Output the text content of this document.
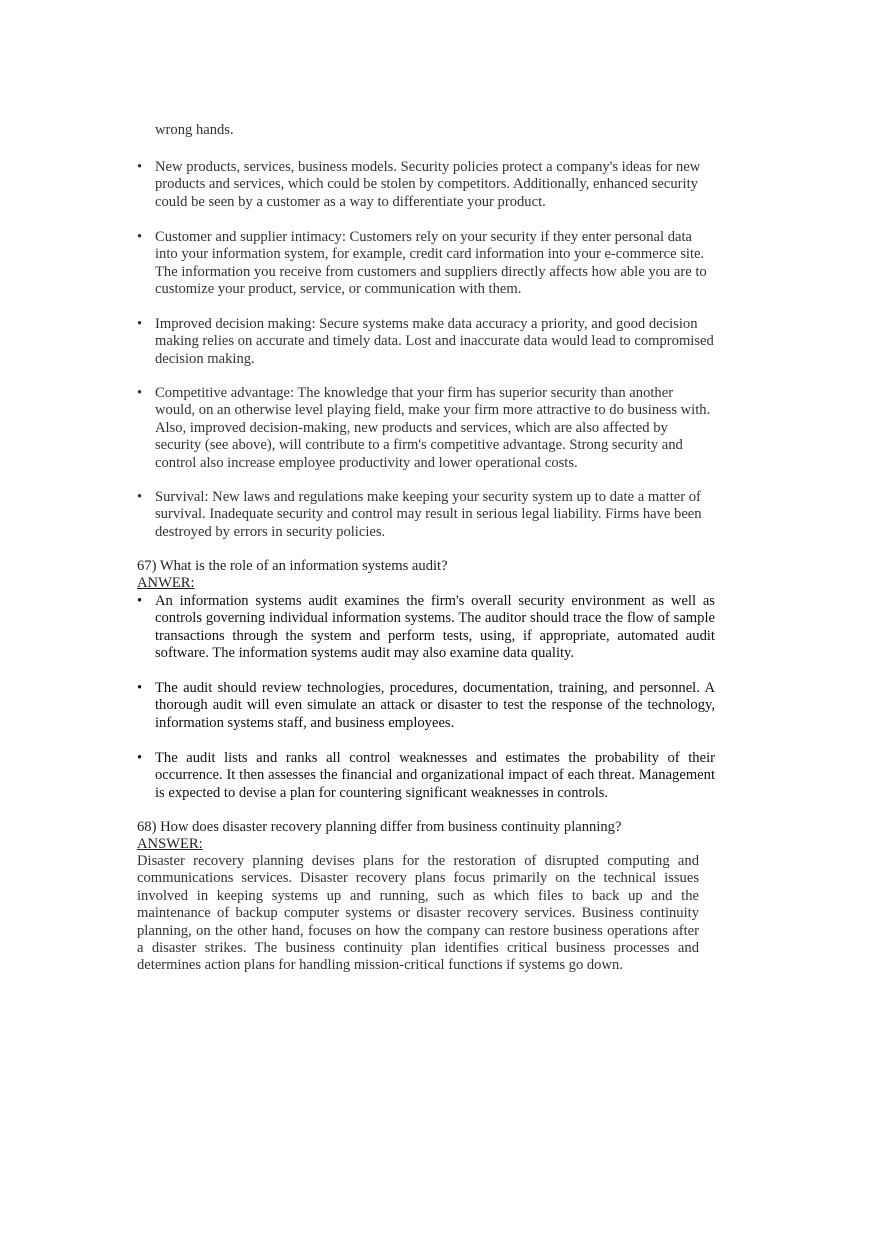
wrong hands.
• New products, services, business models. Security policies protect a company's ideas for new products and services, which could be stolen by competitors. Additionally, enhanced security could be seen by a customer as a way to differentiate your product.
• Customer and supplier intimacy: Customers rely on your security if they enter personal data into your information system, for example, credit card information into your e-commerce site. The information you receive from customers and suppliers directly affects how able you are to customize your product, service, or communication with them.
• Improved decision making: Secure systems make data accuracy a priority, and good decision making relies on accurate and timely data. Lost and inaccurate data would lead to compromised decision making.
• Competitive advantage: The knowledge that your firm has superior security than another would, on an otherwise level playing field, make your firm more attractive to do business with. Also, improved decision-making, new products and services, which are also affected by security (see above), will contribute to a firm's competitive advantage. Strong security and control also increase employee productivity and lower operational costs.
• Survival: New laws and regulations make keeping your security system up to date a matter of survival. Inadequate security and control may result in serious legal liability. Firms have been destroyed by errors in security policies.
67) What is the role of an information systems audit?
ANWER:
• An information systems audit examines the firm's overall security environment as well as controls governing individual information systems. The auditor should trace the flow of sample transactions through the system and perform tests, using, if appropriate, automated audit software. The information systems audit may also examine data quality.
• The audit should review technologies, procedures, documentation, training, and personnel. A thorough audit will even simulate an attack or disaster to test the response of the technology, information systems staff, and business employees.
• The audit lists and ranks all control weaknesses and estimates the probability of their occurrence. It then assesses the financial and organizational impact of each threat. Management is expected to devise a plan for countering significant weaknesses in controls.
68) How does disaster recovery planning differ from business continuity planning?
ANSWER:
Disaster recovery planning devises plans for the restoration of disrupted computing and communications services. Disaster recovery plans focus primarily on the technical issues involved in keeping systems up and running, such as which files to back up and the maintenance of backup computer systems or disaster recovery services. Business continuity planning, on the other hand, focuses on how the company can restore business operations after a disaster strikes. The business continuity plan identifies critical business processes and determines action plans for handling mission-critical functions if systems go down.
